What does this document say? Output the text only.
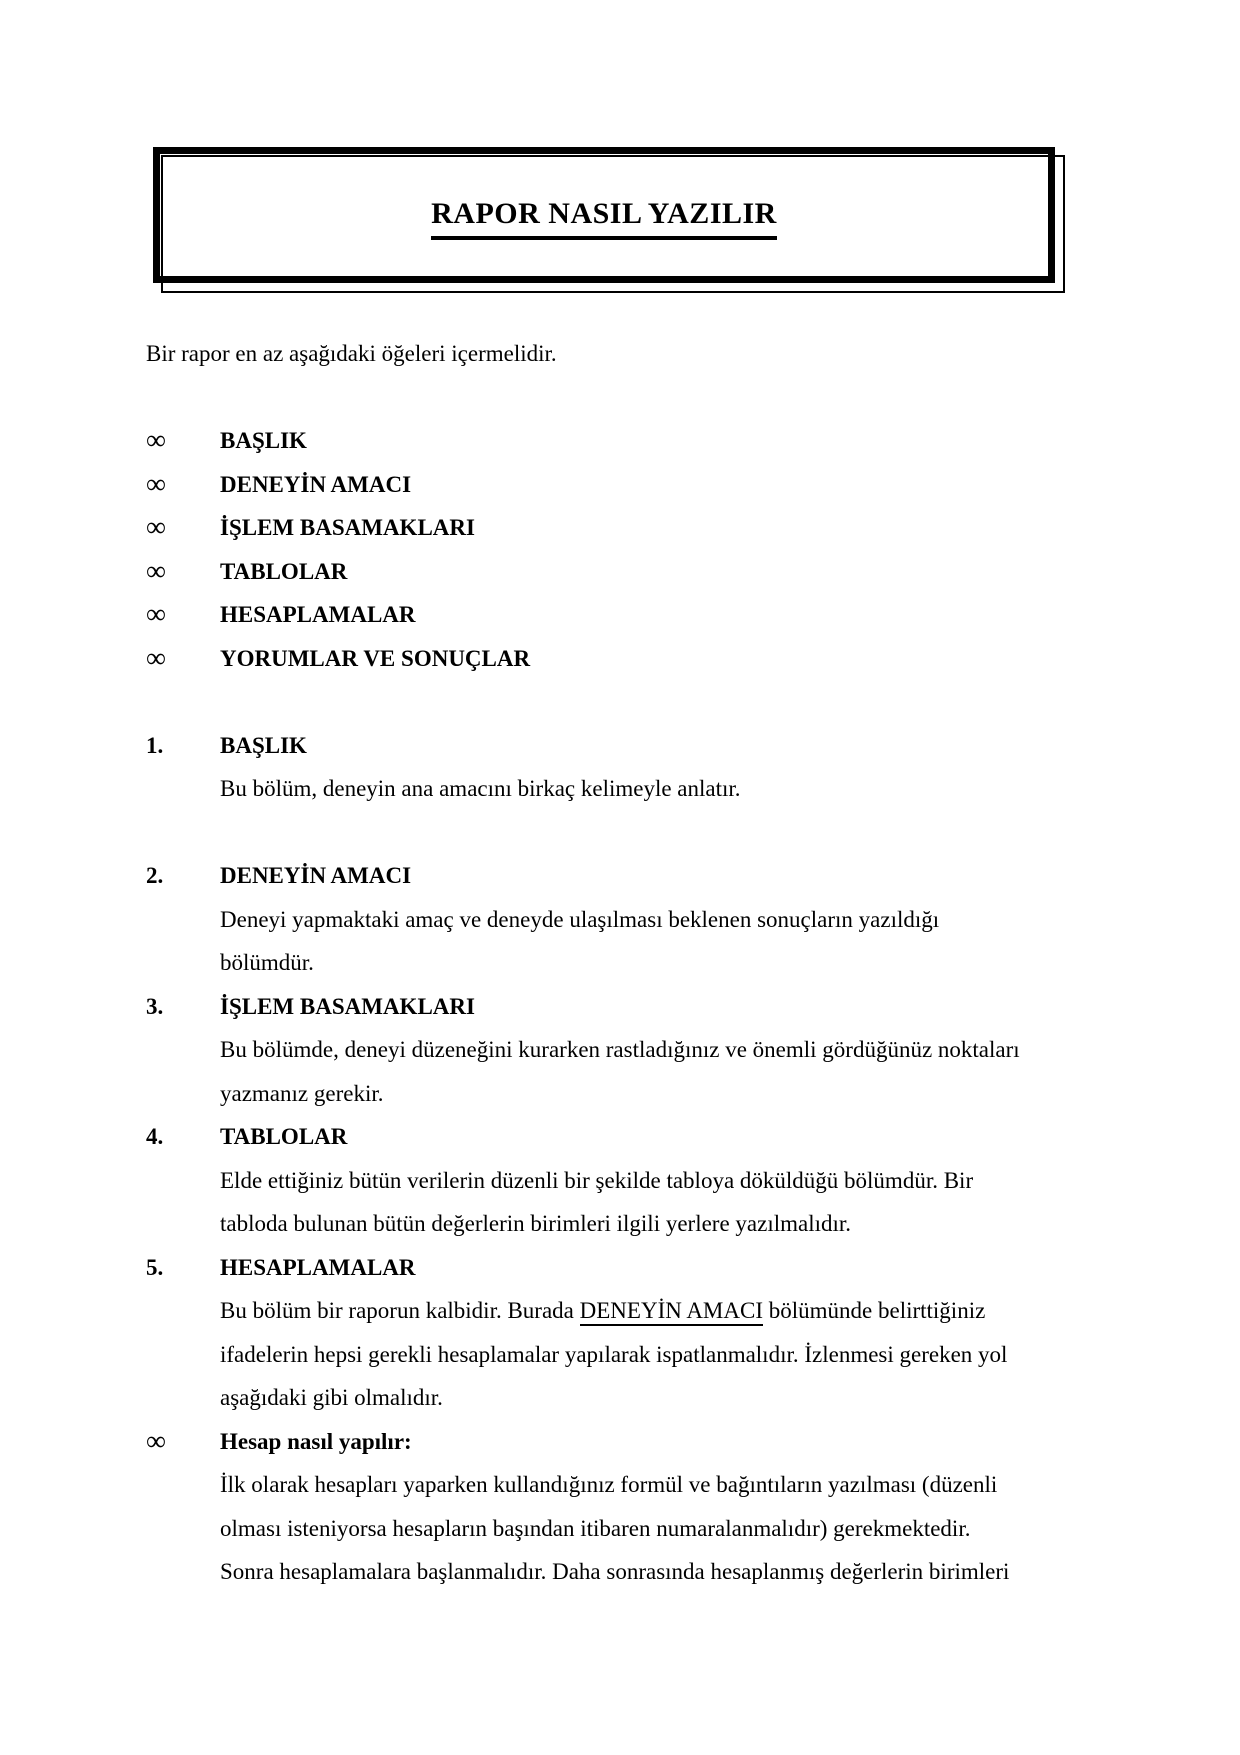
RAPOR NASIL YAZILIR
Bir rapor en az aşağıdaki öğeleri içermelidir.
∞	BAŞLIK
∞	DENEYİN AMACI
∞	İŞLEM BASAMAKLARI
∞	TABLOLAR
∞	HESAPLAMALAR
∞	YORUMLAR VE SONUÇLAR
1.	BAŞLIK
Bu bölüm, deneyin ana amacını birkaç kelimeyle anlatır.
2.	DENEYİN AMACI
Deneyi yapmaktaki amaç ve deneyde ulaşılması beklenen sonuçların yazıldığı
bölümdür.
3.	İŞLEM BASAMAKLARI
Bu bölümde, deneyi düzeneğini kurarken rastladığınız ve önemli gördüğünüz noktaları
yazmanız gerekir.
4.	TABLOLAR
Elde ettiğiniz bütün verilerin düzenli bir şekilde tabloya döküldüğü bölümdür. Bir
tabloda bulunan bütün değerlerin birimleri ilgili yerlere yazılmalıdır.
5.	HESAPLAMALAR
Bu bölüm bir raporun kalbidir. Burada DENEYİN AMACI bölümünde belirttiğiniz
ifadelerin hepsi gerekli hesaplamalar yapılarak ispatlanmalıdır. İzlenmesi gereken yol
aşağıdaki gibi olmalıdır.
∞	Hesap nasıl yapılır:
İlk olarak hesapları yaparken kullandığınız formül ve bağıntıların yazılması (düzenli
olması isteniyorsa hesapların başından itibaren numaralanmalıdır) gerekmektedir.
Sonra hesaplamalara başlanmalıdır. Daha sonrasında hesaplanmış değerlerin birimleri
